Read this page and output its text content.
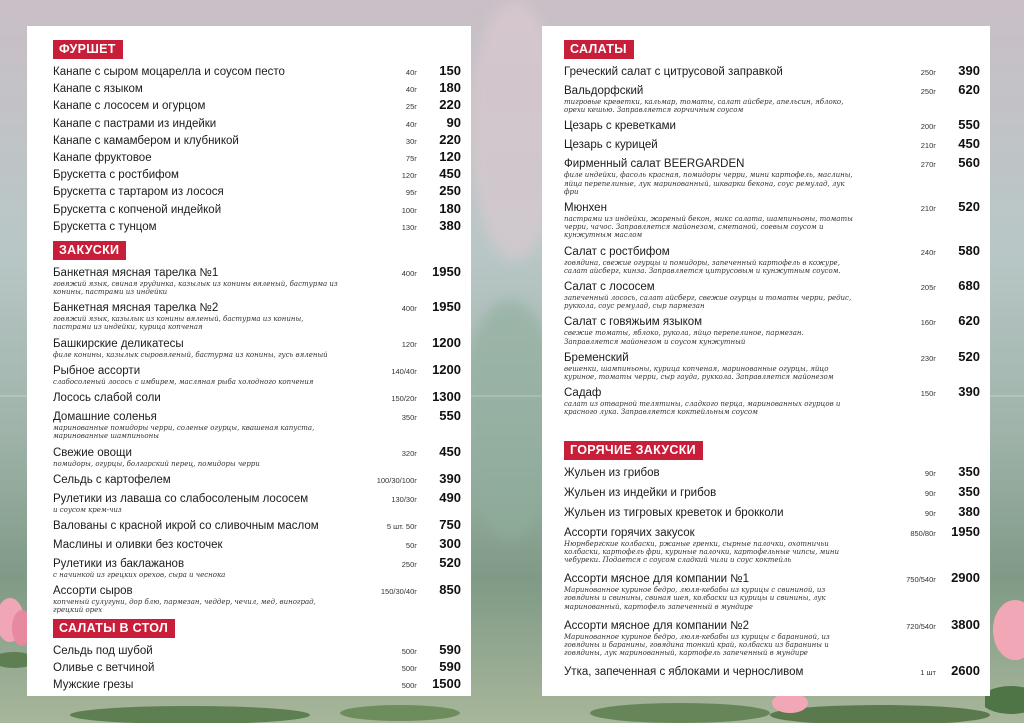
ФУРШЕТ
Канапе с сыром моцарелла и соусом песто	40г	150
Канапе с языком	40г	180
Канапе с лососем и огурцом	25г	220
Канапе с пастрами из индейки	40г	90
Канапе с камамбером и клубникой	30г	220
Канапе фруктовое	75г	120
Брускетта с ростбифом	120г	450
Брускетта с тартаром из лосося	95г	250
Брускетта с копченой индейкой	100г	180
Брускетта с тунцом	130г	380
ЗАКУСКИ
Банкетная мясная тарелка №1	400г	1950
говяжий язык, свиная грудинка, казылык из конины вяленый, бастурма из конины, пастрами из индейки
Банкетная мясная тарелка №2	400г	1950
говяжий язык, казылык из конины вяленый, бастурма из конины, пастрами из индейки, курица копченая
Башкирские деликатесы	120г	1200
филе конины, казылык сыровяленый, бастурма из конины, гусь вяленый
Рыбное ассорти	140/40г	1200
слабосоленый лосось с имбирем, масляная рыба холодного копчения
Лосось слабой соли	150/20г	1300
Домашние соленья	350г	550
маринованные помидоры черри, соленые огурцы, квашеная капуста, маринованные шампиньоны
Свежие овощи	320г	450
помидоры, огурцы, болгарский перец, помидоры черри
Сельдь с картофелем	100/30/100г	390
Рулетики из лаваша со слабосоленым лососем	130/30г	490
и соусом крем-чиз
Валованы с красной икрой со сливочным маслом	5 шт. 50г	750
Маслины и оливки без косточек	50г	300
Рулетики из баклажанов	250г	520
с начинкой из грецких орехов, сыра и чеснока
Ассорти сыров	150/30/40г	850
копченый сулугуни, дор блю, пармезан, чеддер, чечил, мед, виноград, грецкий орех
САЛАТЫ В СТОЛ
Сельдь под шубой	500г	590
Оливье с ветчиной	500г	590
Мужские грезы	500г	1500
САЛАТЫ
Греческий салат с цитрусовой заправкой	250г	390
Вальдорфский	250г	620
тигровые креветки, кальмар, томаты, салат айсберг, апельсин, яблоко, орехи кешью. Заправляется горчичным соусом
Цезарь с креветками	200г	550
Цезарь с курицей	210г	450
Фирменный салат BEERGARDEN	270г	560
филе индейки, фасоль красная, помидоры черри, мини картофель, маслины, яйца перепелиные, лук маринованный, шкварки бекона, соус ремулад, лук фри
Мюнхен	210г	520
пастрами из индейки, жареный бекон, микс салата, шампиньоны, томаты черри, чачос. Заправляется майонезом, сметаной, соевым соусом и кунжутным маслом
Салат с ростбифом	240г	580
говядина, свежие огурцы и помидоры, запеченный картофель в кожуре, салат айсберг, кинза. Заправляется цитрусовым и кунжутным соусом.
Салат с лососем	205г	680
запеченный лосось, салат айсберг, свежие огурцы и томаты черри, редис, руккола, соус ремулад, сыр пармезан
Салат с говяжьим языком	160г	620
свежие томаты, яблоко, рукола, яйцо перепелиное, пармезан. Заправляется майонезом и соусом кунжутный
Бременский	230г	520
вешенки, шампиньоны, курица копченая, маринованные огурцы, яйцо куриное, томаты черри, сыр гауда, руккола. Заправляется майонезом
Садаф	150г	390
салат из отварной телятины, сладкого перца, маринованных огурцов и красного лука. Заправляется коктейльным соусом
ГОРЯЧИЕ ЗАКУСКИ
Жульен из грибов	90г	350
Жульен из индейки и грибов	90г	350
Жульен из тигровых креветок и брокколи	90г	380
Ассорти горячих закусок	850/80г	1950
Нюрнбергские колбаски, ржаные гренки, сырные палочки, охотничьи колбаски, картофель фри, куриные палочки, картофельные чипсы, мини чебуреки. Подается с соусом сладкий чили и соус коктейль
Ассорти мясное для компании №1	750/540г	2900
Маринованное куриное бедро, люля-кебабы из курицы с свининой, из говядины и свинины, свиная шея, колбаски из курицы и свинины, лук маринованный, картофель запеченный в мундире
Ассорти мясное для компании №2	720/540г	3800
Маринованное куриное бедро, люля-кебабы из курицы с бараниной, из говядины и баранины, говядина тонкий край, колбаски из баранины и говядины, лук маринованный, картофель запеченный в мундире
Утка, запеченная с яблоками и черносливом	1 шт	2600
